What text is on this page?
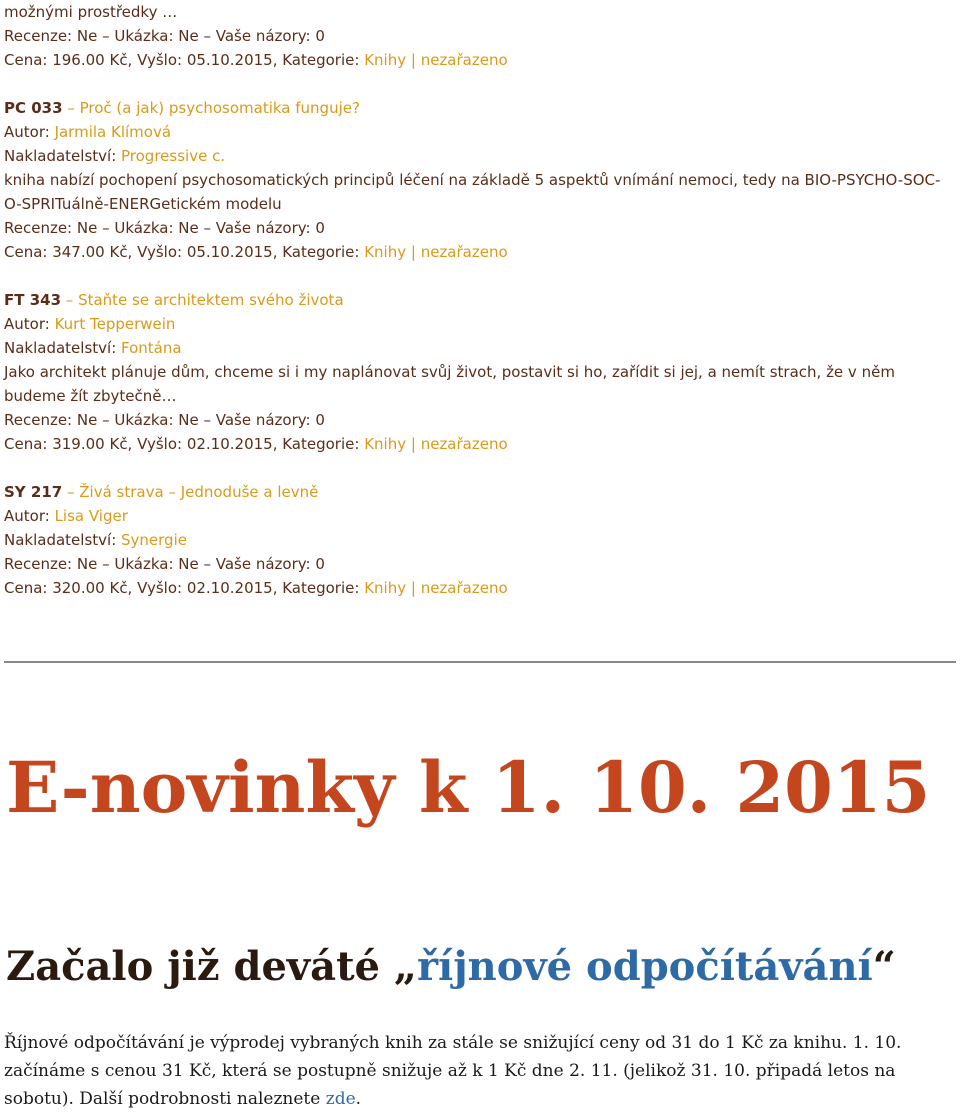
možnými prostředky …
Recenze: Ne – Ukázka: Ne – Vaše názory: 0
Cena: 196.00 Kč, Vyšlo: 05.10.2015, Kategorie: Knihy | nezařazeno
PC 033 – Proč (a jak) psychosomatika funguje?
Autor: Jarmila Klímová
Nakladatelství: Progressive c.
kniha nabízí pochopení psychosomatických principů léčení na základě 5 aspektů vnímání nemoci, tedy na BIO-PSYCHO-SOC-O-SPRITuálně-ENERGetickém modelu
Recenze: Ne – Ukázka: Ne – Vaše názory: 0
Cena: 347.00 Kč, Vyšlo: 05.10.2015, Kategorie: Knihy | nezařazeno
FT 343 – Staňte se architektem svého života
Autor: Kurt Tepperwein
Nakladatelství: Fontána
Jako architekt plánuje dům, chceme si i my naplánovat svůj život, postavit si ho, zařídit si jej, a nemít strach, že v něm budeme žít zbytečně…
Recenze: Ne – Ukázka: Ne – Vaše názory: 0
Cena: 319.00 Kč, Vyšlo: 02.10.2015, Kategorie: Knihy | nezařazeno
SY 217 – Živá strava – Jednoduše a levně
Autor: Lisa Viger
Nakladatelství: Synergie
Recenze: Ne – Ukázka: Ne – Vaše názory: 0
Cena: 320.00 Kč, Vyšlo: 02.10.2015, Kategorie: Knihy | nezařazeno
E-novinky k 1. 10. 2015
Začalo již deváté „říjnové odpočítávání“
Říjnové odpočítávání je výprodej vybraných knih za stále se snižující ceny od 31 do 1 Kč za knihu. 1. 10. začínáme s cenou 31 Kč, která se postupně snižuje až k 1 Kč dne 2. 11. (jelikož 31. 10. připadá letos na sobotu). Další podrobnosti naleznete zde.
